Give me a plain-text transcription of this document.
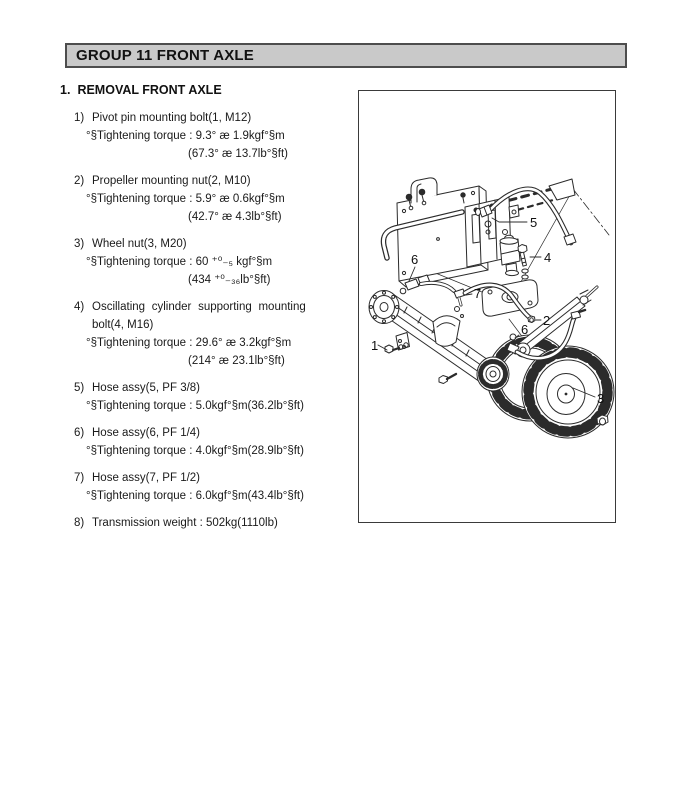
GROUP 11 FRONT AXLE
1. REMOVAL FRONT AXLE
1) Pivot pin mounting bolt(1, M12)
°§Tightening torque : 9.3° æ 1.9kgf°§m
(67.3° æ 13.7lb°§ft)
2) Propeller mounting nut(2, M10)
°§Tightening torque : 5.9° æ 0.6kgf°§m
(42.7° æ 4.3lb°§ft)
3) Wheel nut(3, M20)
°§Tightening torque : 60 ⁺⁰₋₅ kgf°§m
(434 ⁺⁰₋₃₆lb°§ft)
4) Oscillating cylinder supporting mounting
bolt(4, M16)
°§Tightening torque : 29.6° æ 3.2kgf°§m
(214° æ 23.1lb°§ft)
5) Hose assy(5, PF 3/8)
°§Tightening torque : 5.0kgf°§m(36.2lb°§ft)
6) Hose assy(6, PF 1/4)
°§Tightening torque : 4.0kgf°§m(28.9lb°§ft)
7) Hose assy(7, PF 1/2)
°§Tightening torque : 6.0kgf°§m(43.4lb°§ft)
8) Transmission weight : 502kg(1110lb)
1
2
3
4
5
6
6
7
